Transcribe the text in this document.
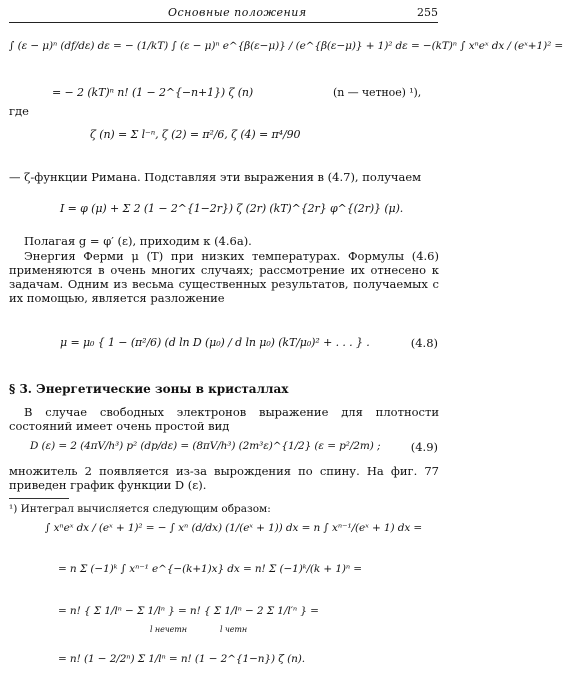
Основные положения	255
∫ (ε − μ)ⁿ (df/dε) dε = − (1/kT) ∫ (ε − μ)ⁿ e^{β(ε−μ)} / (e^{β(ε−μ)} + 1)² dε = −(kT)ⁿ ∫ xⁿeˣ dx / (eˣ+1)² =
= − 2 (kT)ⁿ n! (1 − 2^{−n+1}) ζ (n)	(n — четное) ¹),
где
ζ (n) = Σ l⁻ⁿ, ζ (2) = π²/6, ζ (4) = π⁴/90
— ζ-функции Римана. Подставляя эти выражения в (4.7), получаем
I = φ (μ) + Σ 2 (1 − 2^{1−2r}) ζ (2r) (kT)^{2r} φ^{(2r)} (μ).
Полагая g = φ′ (ε), приходим к (4.6а).
Энергия Ферми μ (T) при низких температурах. Формулы (4.6) применяются в очень многих случаях; рассмотрение их отнесено к задачам. Одним из весьма существенных результатов, получаемых с их помощью, является разложение
μ = μ₀ { 1 − (π²/6) (d ln D (μ₀) / d ln μ₀) (kT/μ₀)² + . . . } .	(4.8)
§ 3. Энергетические зоны в кристаллах
В случае свободных электронов выражение для плотности состояний имеет очень простой вид
D (ε) = 2 (4πV/h³) p² (dp/dε) = (8πV/h³) (2m³ε)^{1/2} (ε = p²/2m) ;	(4.9)
множитель 2 появляется из-за вырождения по спину. На фиг. 77 приведен график функции D (ε).
¹) Интеграл вычисляется следующим образом:
∫ xⁿeˣ dx / (eˣ + 1)² = − ∫ xⁿ (d/dx) (1/(eˣ + 1)) dx = n ∫ xⁿ⁻¹/(eˣ + 1) dx =
= n Σ (−1)ᵏ ∫ xⁿ⁻¹ e^{−(k+1)x} dx = n! Σ (−1)ᵏ/(k + 1)ⁿ =
= n! { Σ 1/lⁿ − Σ 1/lⁿ } = n! { Σ 1/lⁿ − 2 Σ 1/l′ⁿ } =
l нечетн	l четн
= n! (1 − 2/2ⁿ) Σ 1/lⁿ = n! (1 − 2^{1−n}) ζ (n).
